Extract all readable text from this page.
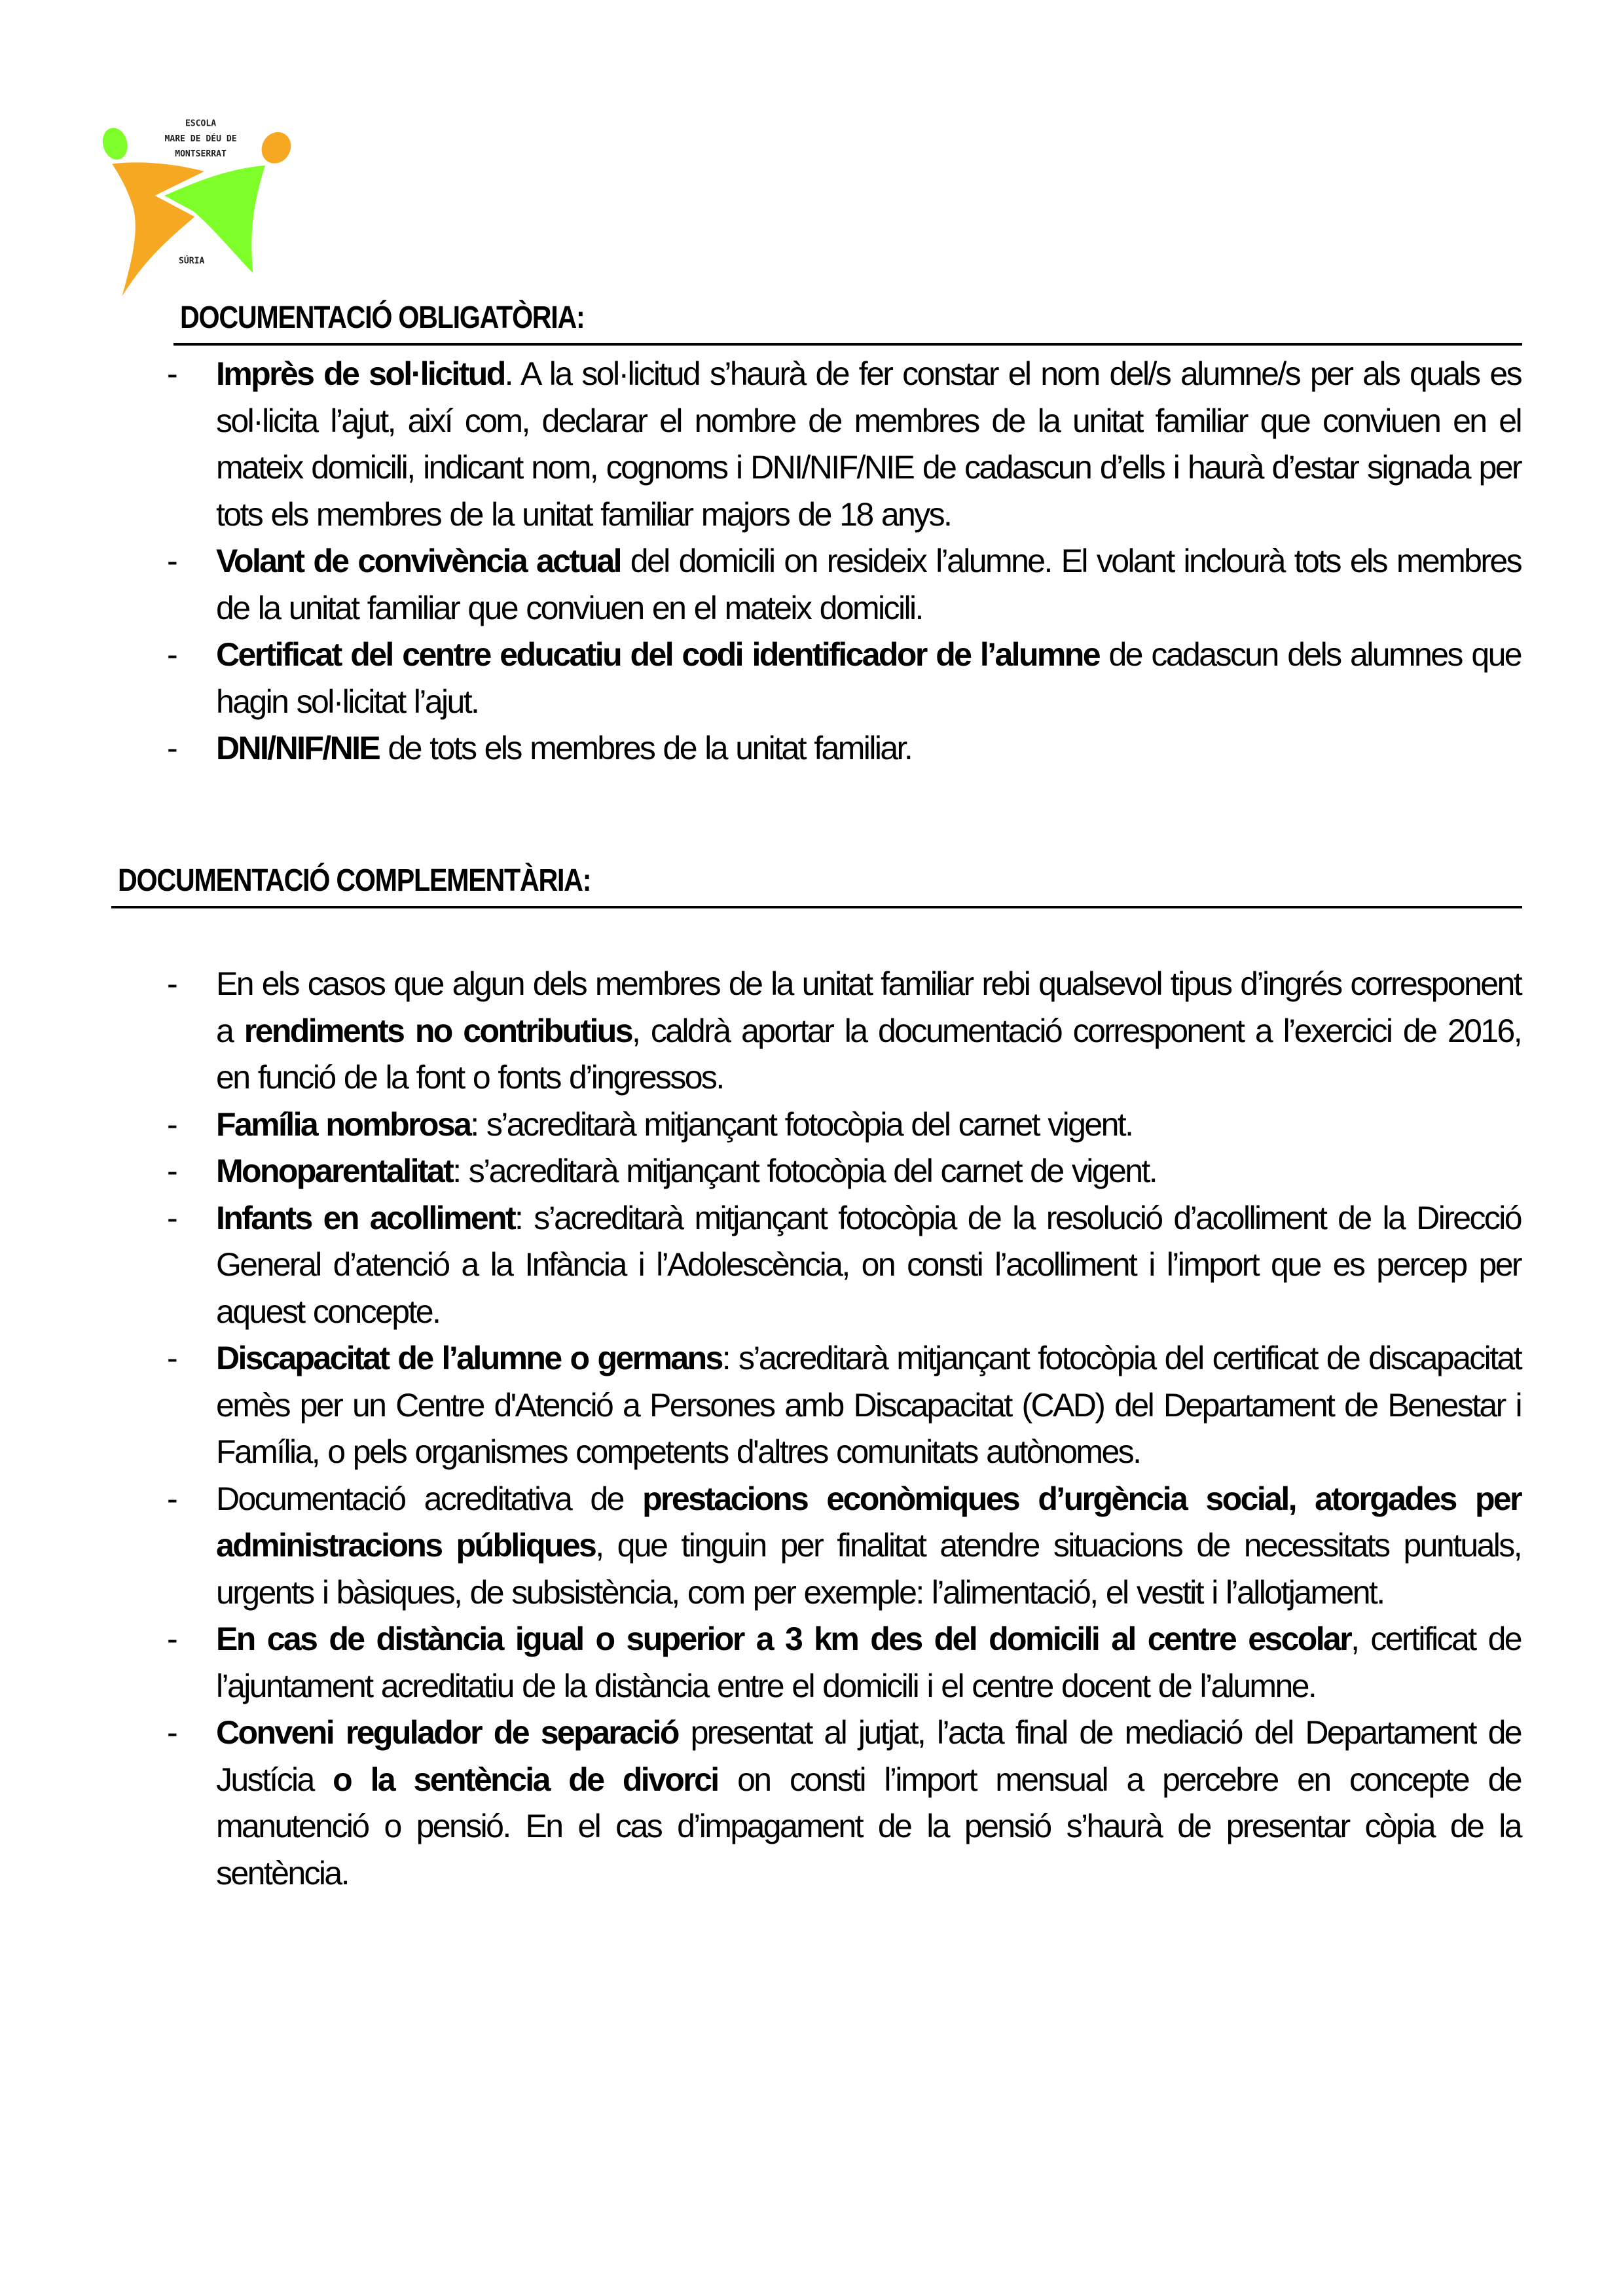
ESCOLA
MARE DE DÉU DE
MONTSERRAT
SÚRIA
DOCUMENTACIÓ OBLIGATÒRIA:
-	Imprès de sol·licitud. A la sol·licitud s’haurà de fer constar el nom del/s alumne/s per als quals es sol·licita l’ajut, així com, declarar el nombre de membres de la unitat familiar que conviuen en el mateix domicili, indicant nom, cognoms i DNI/NIF/NIE de cadascun d’ells i haurà d’estar signada per tots els membres de la unitat familiar majors de 18 anys.
-	Volant de convivència actual del domicili on resideix l’alumne. El volant inclourà tots els membres de la unitat familiar que conviuen en el mateix domicili.
-	Certificat del centre educatiu del codi identificador de l’alumne de cadascun dels alumnes que hagin sol·licitat l’ajut.
-	DNI/NIF/NIE de tots els membres de la unitat familiar.
DOCUMENTACIÓ COMPLEMENTÀRIA:
-	En els casos que algun dels membres de la unitat familiar rebi qualsevol tipus d’ingrés corresponent a rendiments no contributius, caldrà aportar la documentació corresponent a l’exercici de 2016, en funció de la font o fonts d’ingressos.
-	Família nombrosa: s’acreditarà mitjançant fotocòpia del carnet vigent.
-	Monoparentalitat: s’acreditarà mitjançant fotocòpia del carnet de vigent.
-	Infants en acolliment: s’acreditarà mitjançant fotocòpia de la resolució d’acolliment de la Direcció General d’atenció a la Infància i l’Adolescència, on consti l’acolliment i l’import que es percep per aquest concepte.
-	Discapacitat de l’alumne o germans: s’acreditarà mitjançant fotocòpia del certificat de discapacitat emès per un Centre d'Atenció a Persones amb Discapacitat (CAD) del Departament de Benestar i Família, o pels organismes competents d'altres comunitats autònomes.
-	Documentació acreditativa de prestacions econòmiques d’urgència social, atorgades per administracions públiques, que tinguin per finalitat atendre situacions de necessitats puntuals, urgents i bàsiques, de subsistència, com per exemple: l’alimentació, el vestit i l’allotjament.
-	En cas de distància igual o superior a 3 km des del domicili al centre escolar, certificat de l’ajuntament acreditatiu de la distància entre el domicili i el centre docent de l’alumne.
-	Conveni regulador de separació presentat al jutjat, l’acta final de mediació del Departament de Justícia o la sentència de divorci on consti l’import mensual a percebre en concepte de manutenció o pensió. En el cas d’impagament de la pensió s’haurà de presentar còpia de la sentència.
